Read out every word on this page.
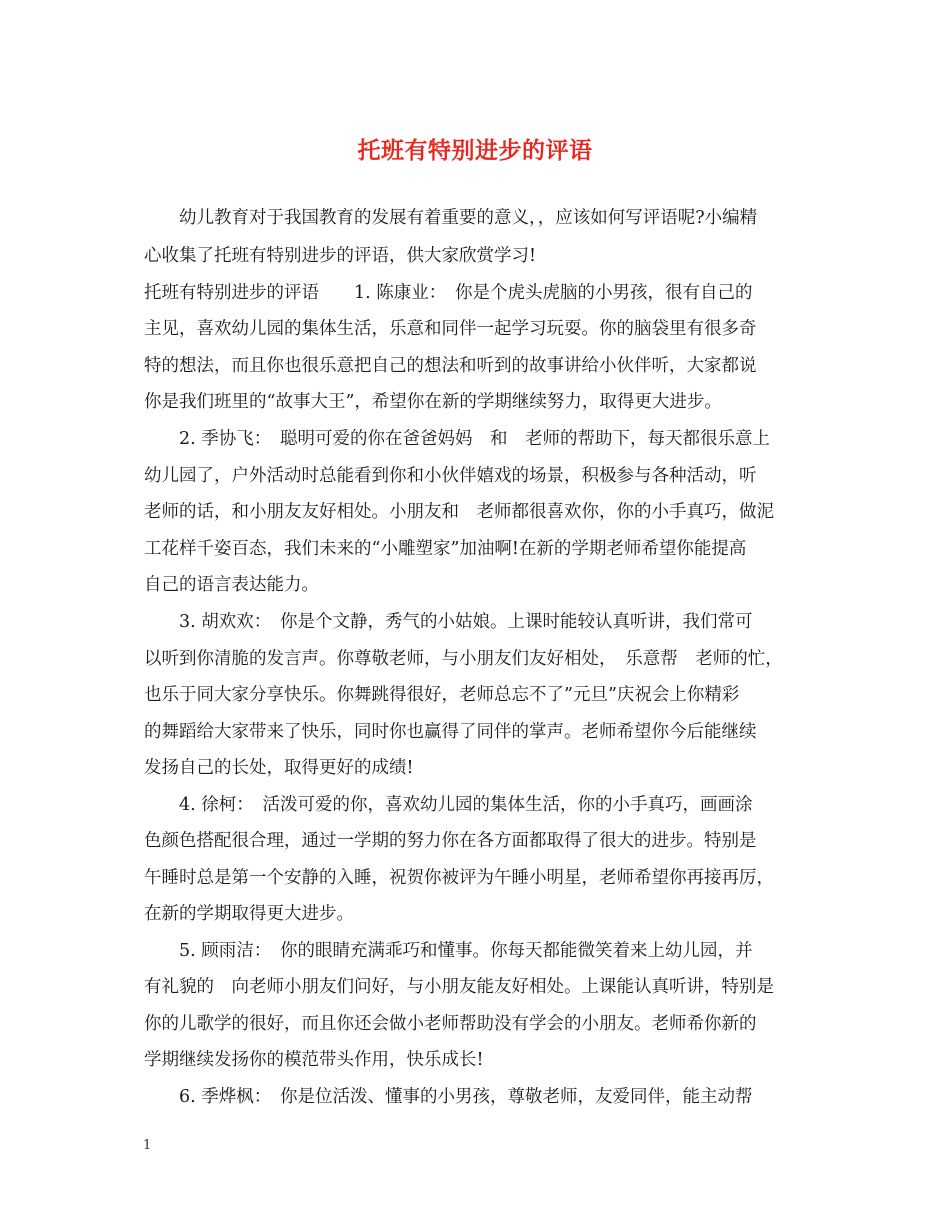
托班有特别进步的评语
幼儿教育对于我国教育的发展有着重要的意义，，应该如何写评语呢?小编精
心收集了托班有特别进步的评语，供大家欣赏学习!
托班有特别进步的评语　　1. 陈康业：　你是个虎头虎脑的小男孩，很有自己的
主见，喜欢幼儿园的集体生活，乐意和同伴一起学习玩耍。你的脑袋里有很多奇
特的想法，而且你也很乐意把自己的想法和听到的故事讲给小伙伴听，大家都说
你是我们班里的“故事大王”，希望你在新的学期继续努力，取得更大进步。
2. 季协飞：　聪明可爱的你在爸爸妈妈　和　老师的帮助下，每天都很乐意上
幼儿园了，户外活动时总能看到你和小伙伴嬉戏的场景，积极参与各种活动，听
老师的话，和小朋友友好相处。小朋友和　老师都很喜欢你，你的小手真巧，做泥
工花样千姿百态，我们未来的“小雕塑家”加油啊!在新的学期老师希望你能提高
自己的语言表达能力。
3. 胡欢欢：　你是个文静，秀气的小姑娘。上课时能较认真听讲，我们常可
以听到你清脆的发言声。你尊敬老师，与小朋友们友好相处，　乐意帮　老师的忙，
也乐于同大家分享快乐。你舞跳得很好，老师总忘不了”元旦”庆祝会上你精彩
的舞蹈给大家带来了快乐，同时你也赢得了同伴的掌声。老师希望你今后能继续
发扬自己的长处，取得更好的成绩!
4. 徐柯：　活泼可爱的你，喜欢幼儿园的集体生活，你的小手真巧，画画涂
色颜色搭配很合理，通过一学期的努力你在各方面都取得了很大的进步。特别是
午睡时总是第一个安静的入睡，祝贺你被评为午睡小明星，老师希望你再接再厉，
在新的学期取得更大进步。
5. 顾雨洁：　你的眼睛充满乖巧和懂事。你每天都能微笑着来上幼儿园，并
有礼貌的　向老师小朋友们问好，与小朋友能友好相处。上课能认真听讲，特别是
你的儿歌学的很好，而且你还会做小老师帮助没有学会的小朋友。老师希你新的
学期继续发扬你的模范带头作用，快乐成长!
6. 季烨枫：　你是位活泼、懂事的小男孩，尊敬老师，友爱同伴，能主动帮
1
